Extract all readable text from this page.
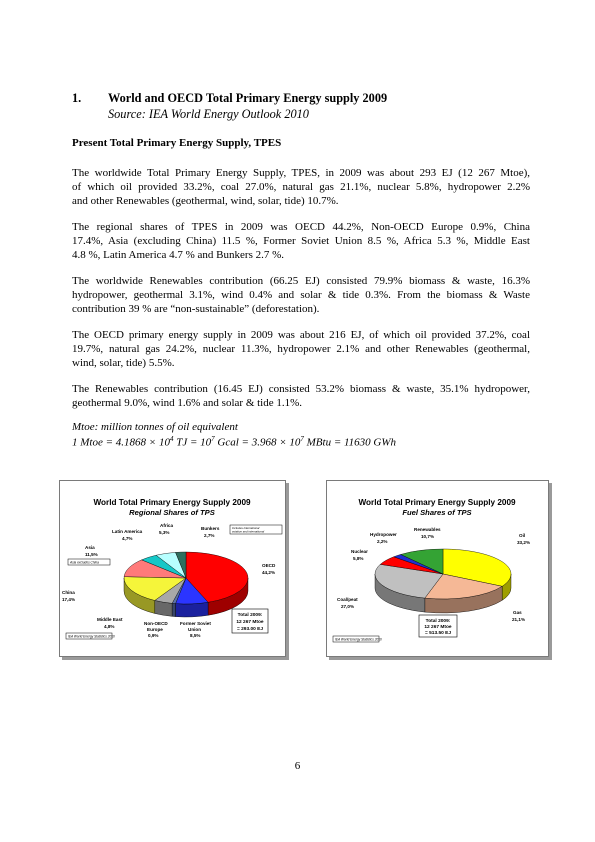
1. World and OECD Total Primary Energy supply 2009
Source: IEA World Energy Outlook 2010
Present Total Primary Energy Supply, TPES
The worldwide Total Primary Energy Supply, TPES, in 2009 was about 293 EJ (12 267 Mtoe),
of which oil provided 33.2%, coal 27.0%, natural gas 21.1%, nuclear 5.8%, hydropower 2.2%
and other Renewables (geothermal, wind, solar, tide) 10.7%.
The regional shares of TPES in 2009 was OECD 44.2%, Non-OECD Europe 0.9%, China
17.4%, Asia (excluding China) 11.5 %, Former Soviet Union 8.5 %, Africa 5.3 %, Middle East
4.8 %, Latin America 4.7 % and Bunkers 2.7 %.
The worldwide Renewables contribution (66.25 EJ) consisted 79.9% biomass & waste, 16.3%
hydropower, geothermal 3.1%, wind 0.4% and solar & tide 0.3%. From the biomass & Waste
contribution 39 % are “non-sustainable” (deforestation).
The OECD primary energy supply in 2009 was about 216 EJ, of which oil provided 37.2%, coal
19.7%, natural gas 24.2%, nuclear 11.3%, hydropower 2.1% and other Renewables (geothermal,
wind, solar, tide) 5.5%.
The Renewables contribution (16.45 EJ) consisted 53.2% biomass & waste, 35.1% hydropower,
geothermal 9.0%, wind 1.6% and solar & tide 1.1%.
Mtoe: million tonnes of oil equivalent
1 Mtoe = $4.1868 \times 10^4$ TJ = $10^7$ Gcal = $3.968 \times 10^7$ MBtu = 11630 GWh
World Total Primary Energy Supply 2009
Regional Shares of TPS
Latin America
4,7%
Africa
5,3%
Bunkers
2,7%
Asia
11,5%
China
17,4%
Middle East
4,8%
Non-OECD
Europe
0,9%
Former Soviet
Union
8,5%
OECD
44,2%
Includes international
aviation and international
Asia excludes China
Total 2009:
12 267 Mtoe
= 293.00 EJ
IEA World Energy Statistics 2010
World Total Primary Energy Supply 2009
Fuel Shares of TPS
Renewables
10,7%
Hydropower
2,2%
Nuclear
5,8%
Oil
33,2%
Coal/peat
27,0%
Gas
21,1%
Total 2009:
12 267 Mtoe
= 513.50 EJ
IEA World Energy Statistics 2010
6
